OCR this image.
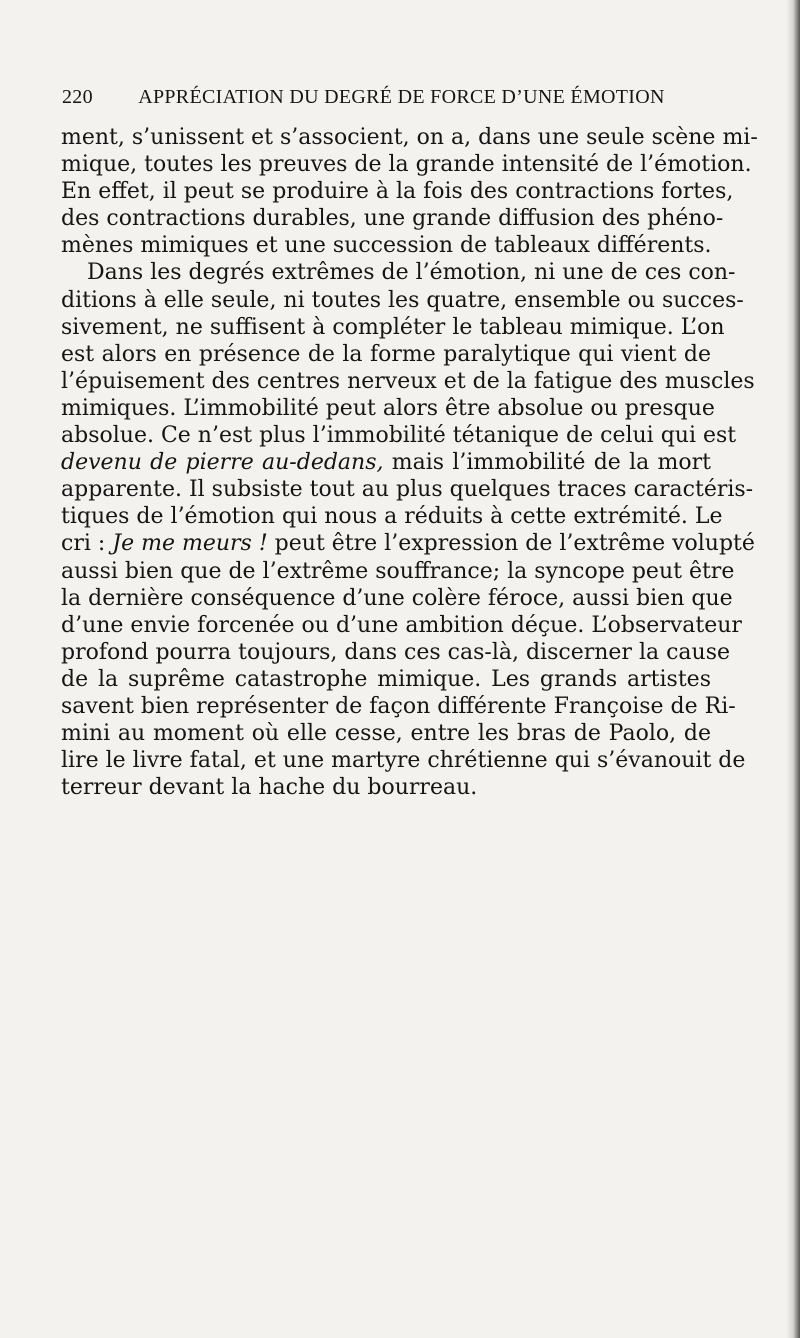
220 APPRÉCIATION DU DEGRÉ DE FORCE D’UNE ÉMOTION
ment, s’unissent et s’associent, on a, dans une seule scène mi-
mique, toutes les preuves de la grande intensité de l’émotion.
En effet, il peut se produire à la fois des contractions fortes,
des contractions durables, une grande diffusion des phéno-
mènes mimiques et une succession de tableaux différents.
Dans les degrés extrêmes de l’émotion, ni une de ces con-
ditions à elle seule, ni toutes les quatre, ensemble ou succes-
sivement, ne suffisent à compléter le tableau mimique. L’on
est alors en présence de la forme paralytique qui vient de
l’épuisement des centres nerveux et de la fatigue des muscles
mimiques. L’immobilité peut alors être absolue ou presque
absolue. Ce n’est plus l’immobilité tétanique de celui qui est
devenu de pierre au-dedans, mais l’immobilité de la mort
apparente. Il subsiste tout au plus quelques traces caractéris-
tiques de l’émotion qui nous a réduits à cette extrémité. Le
cri : Je me meurs ! peut être l’expression de l’extrême volupté
aussi bien que de l’extrême souffrance; la syncope peut être
la dernière conséquence d’une colère féroce, aussi bien que
d’une envie forcenée ou d’une ambition déçue. L’observateur
profond pourra toujours, dans ces cas-là, discerner la cause
de la suprême catastrophe mimique. Les grands artistes
savent bien représenter de façon différente Françoise de Ri-
mini au moment où elle cesse, entre les bras de Paolo, de
lire le livre fatal, et une martyre chrétienne qui s’évanouit de
terreur devant la hache du bourreau.
